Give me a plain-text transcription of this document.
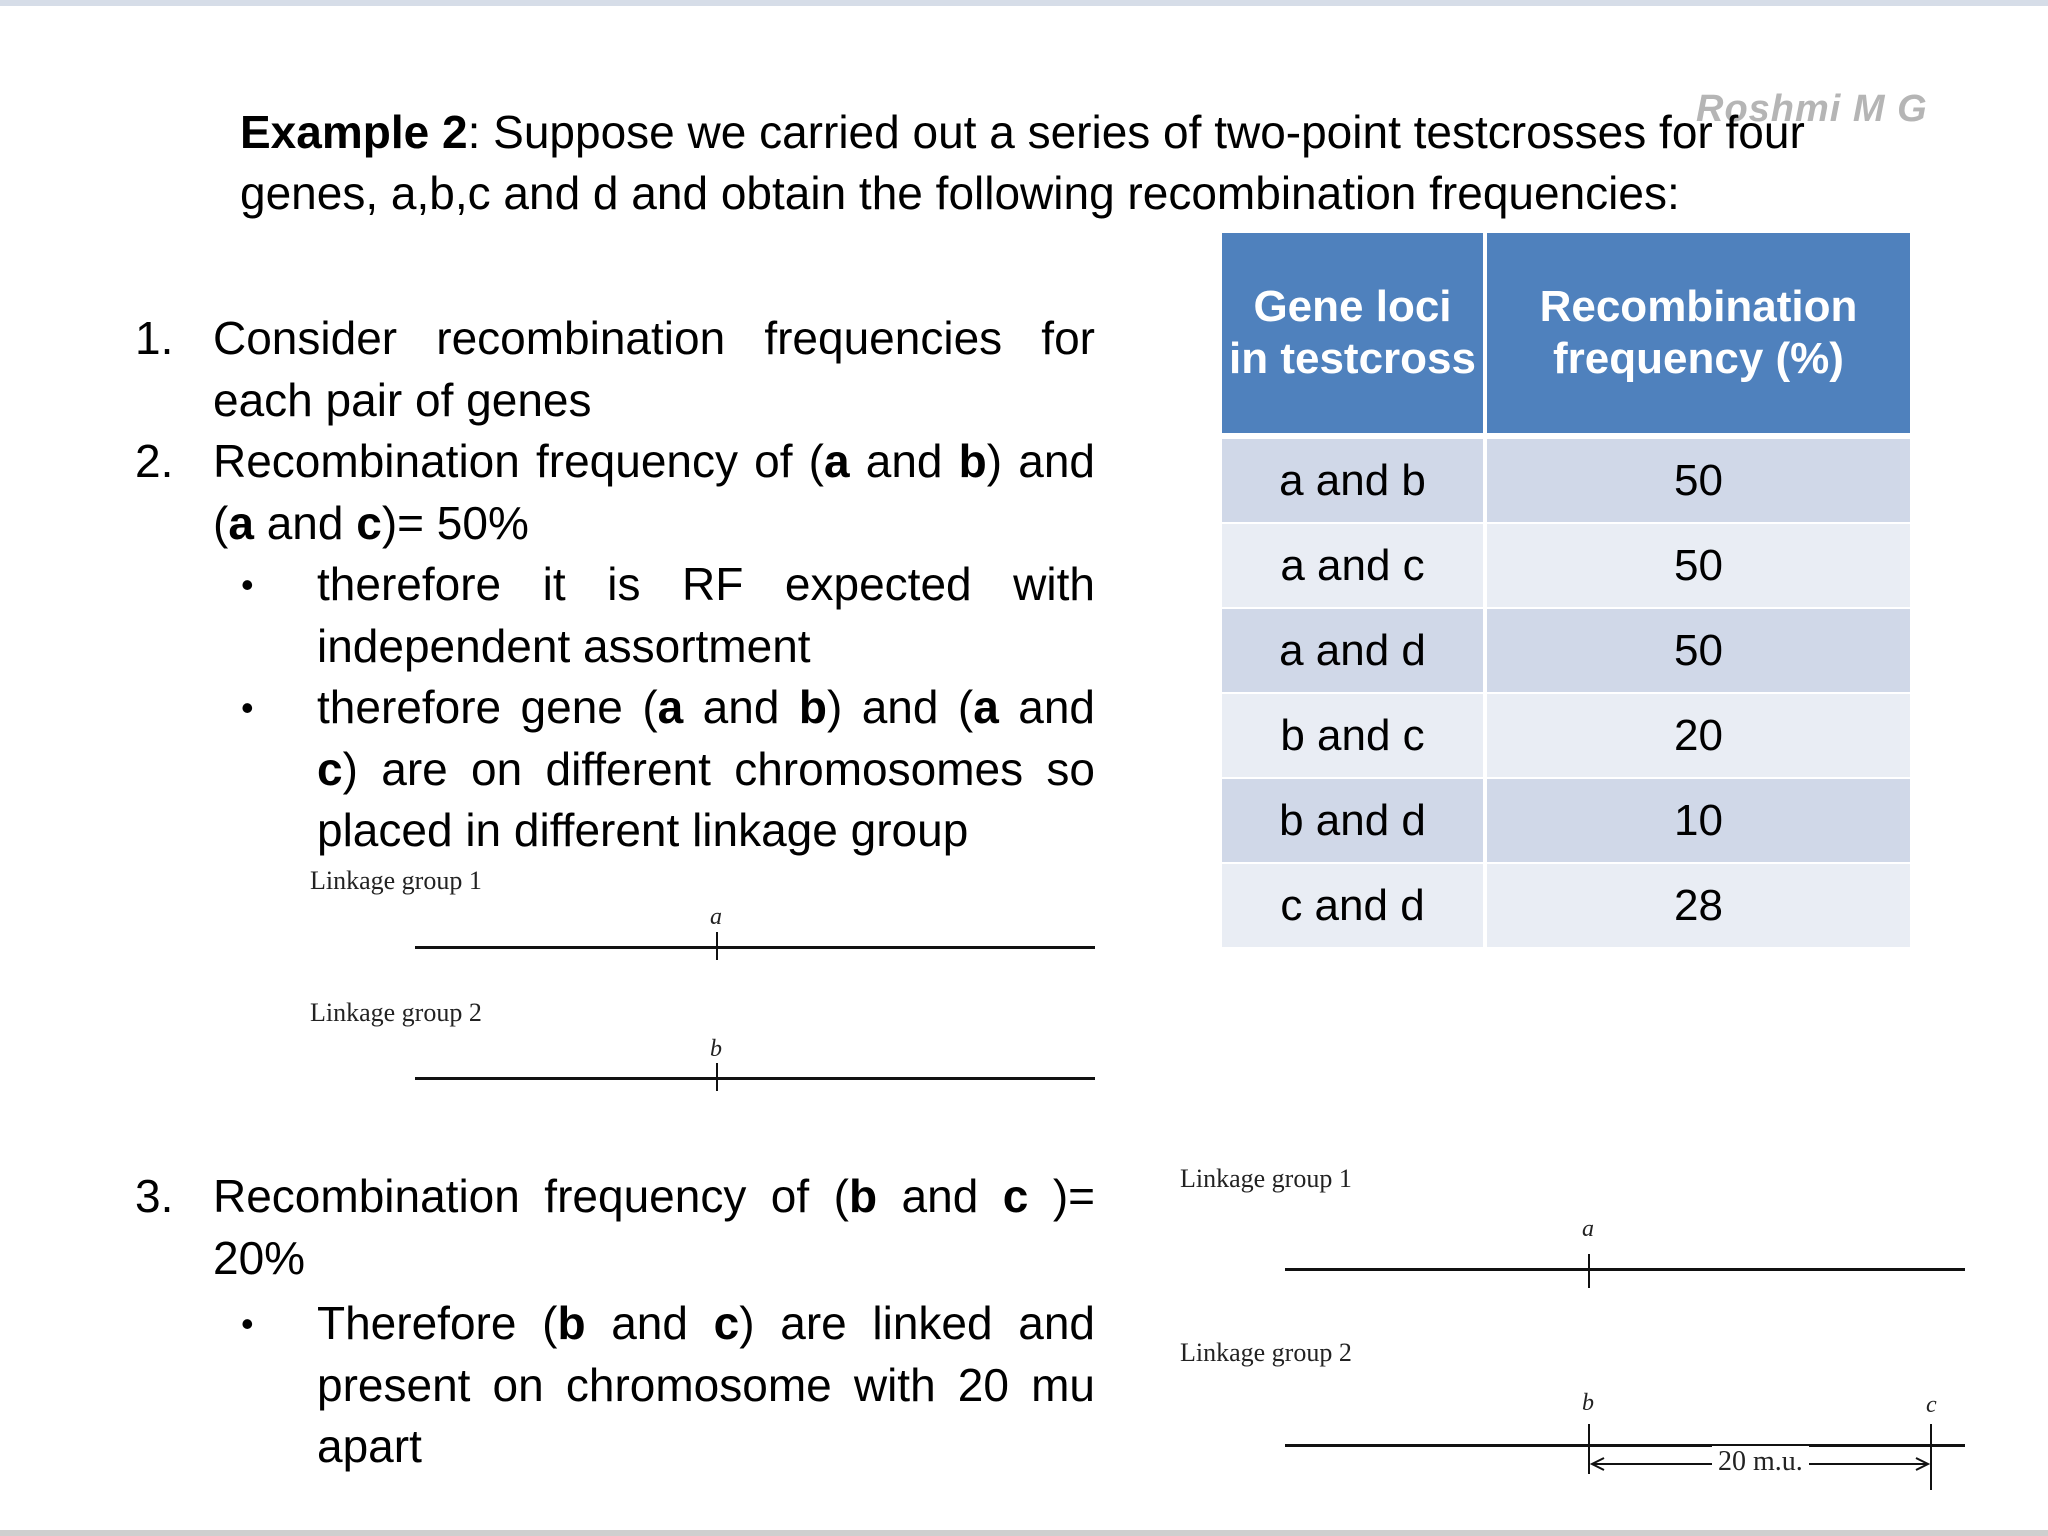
Roshmi M G
Example 2: Suppose we carried out a series of two-point testcrosses for four genes, a,b,c and d and obtain the following recombination frequencies:
1. Consider recombination frequencies for each pair of genes
2. Recombination frequency of (a and b) and (a and c)= 50%
• therefore it is RF expected with independent assortment
• therefore gene (a and b) and (a and c) are on different chromosomes so placed in different linkage group
Linkage group 1
a
Linkage group 2
b
3. Recombination frequency of (b and c )= 20%
• Therefore (b and c) are linked and present on chromosome with 20 mu apart
Gene loci in testcross	Recombination frequency (%)
a and b	50
a and c	50
a and d	50
b and c	20
b and d	10
c and d	28
Linkage group 1
a
Linkage group 2
b	c
20 m.u.
